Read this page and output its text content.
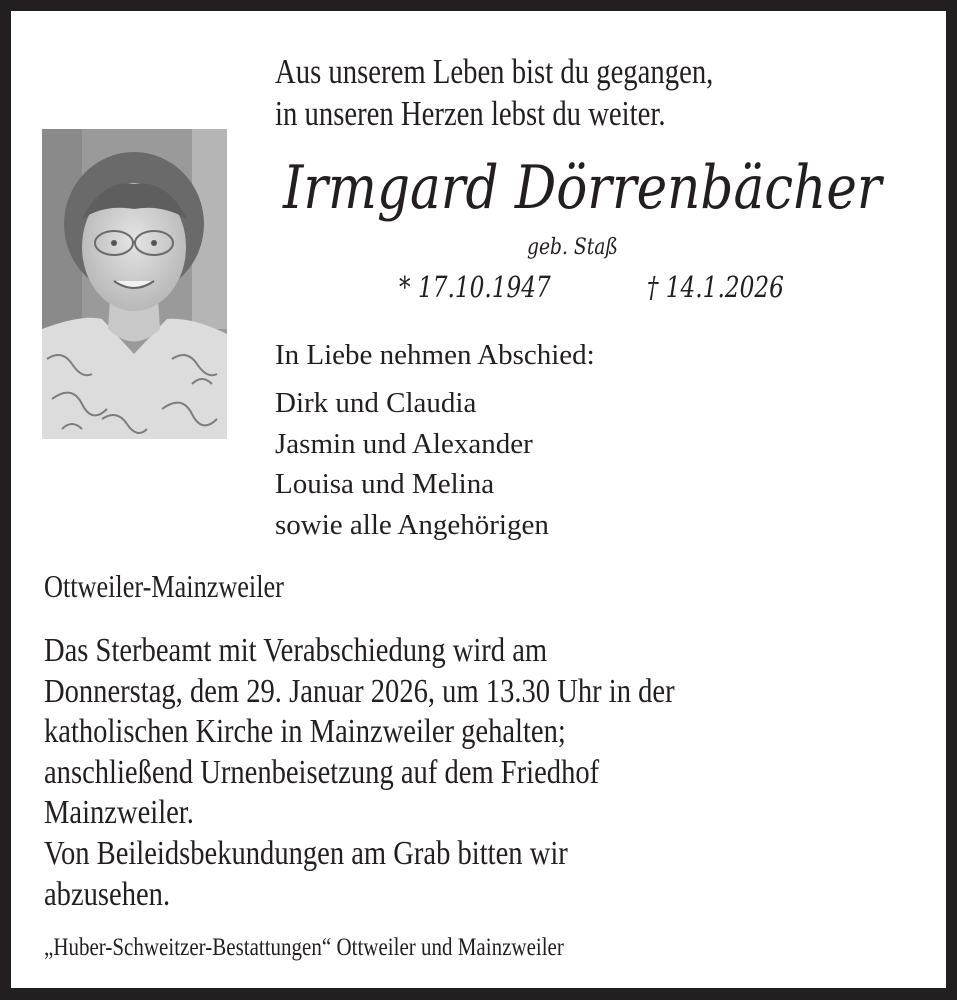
Aus unserem Leben bist du gegangen,
in unseren Herzen lebst du weiter.
Irmgard Dörrenbächer
geb. Staß
* 17.10.1947	† 14.1.2026
In Liebe nehmen Abschied:
Dirk und Claudia
Jasmin und Alexander
Louisa und Melina
sowie alle Angehörigen
Ottweiler-Mainzweiler
Das Sterbeamt mit Verabschiedung wird am
Donnerstag, dem 29. Januar 2026, um 13.30 Uhr in der
katholischen Kirche in Mainzweiler gehalten;
anschließend Urnenbeisetzung auf dem Friedhof
Mainzweiler.
Von Beileidsbekundungen am Grab bitten wir
abzusehen.
„Huber-Schweitzer-Bestattungen“ Ottweiler und Mainzweiler
